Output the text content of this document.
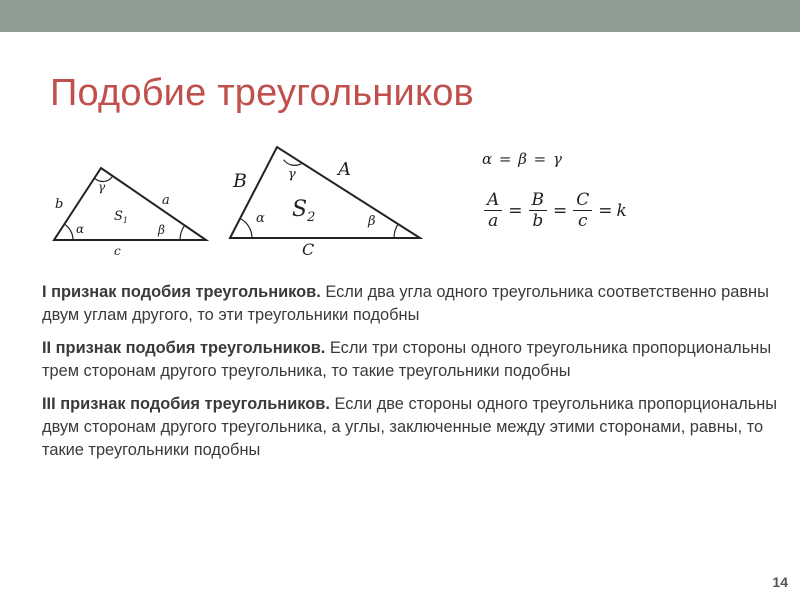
Подобие треугольников
b	a
c
α	β
γ
$S_1$
B
A
C
α	β
γ
$S_2$
α = β = γ
$\frac{A}{a} = \frac{B}{b} = \frac{C}{c} = k$

I признак подобия треугольников. Если два угла одного треугольника соответственно равны двум углам другого, то эти треугольники подобны

II признак подобия треугольников. Если три стороны одного треугольника пропорциональны трем сторонам другого треугольника, то такие треугольники подобны

III признак подобия треугольников. Если две стороны одного треугольника пропорциональны двум сторонам другого треугольника, а углы, заключенные между этими сторонами, равны, то такие треугольники подобны

14
